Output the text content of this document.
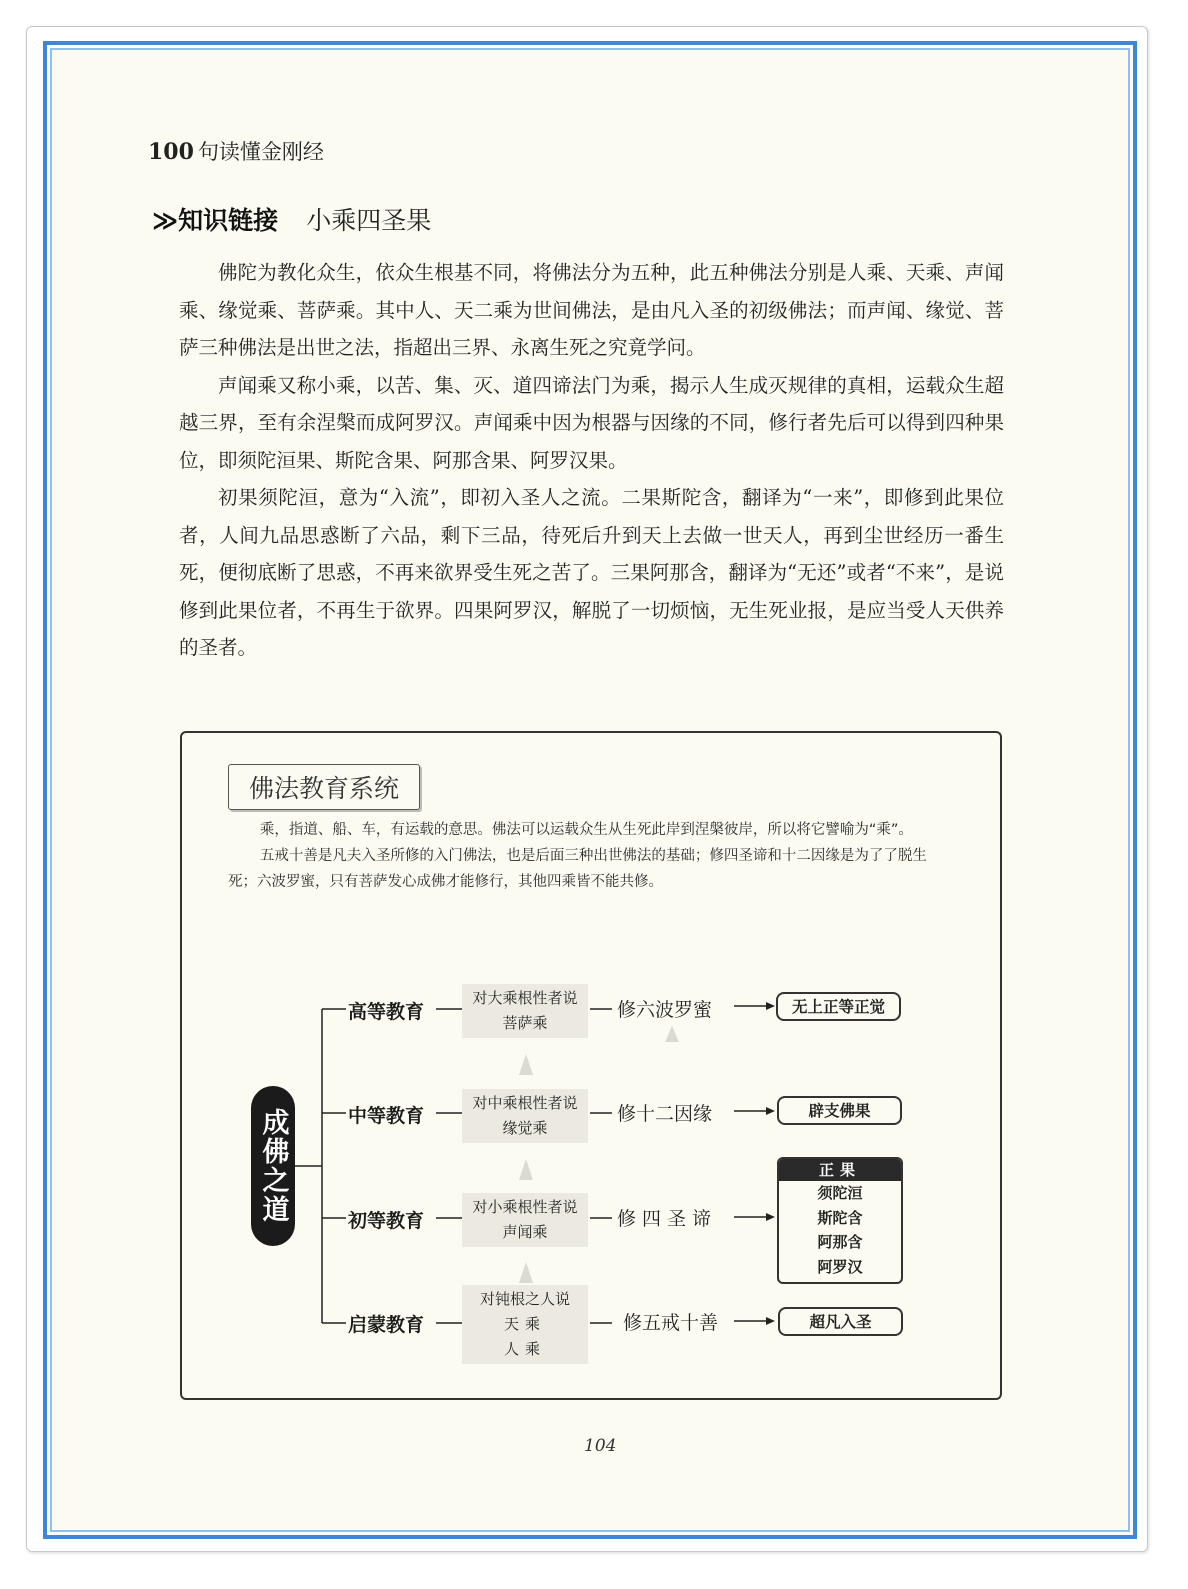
100 句读懂金刚经
≫知识链接 小乘四圣果

佛陀为教化众生，依众生根基不同，将佛法分为五种，此五种佛法分别是人乘、天乘、声闻乘、缘觉乘、菩萨乘。其中人、天二乘为世间佛法，是由凡入圣的初级佛法；而声闻、缘觉、菩萨三种佛法是出世之法，指超出三界、永离生死之究竟学问。

声闻乘又称小乘，以苦、集、灭、道四谛法门为乘，揭示人生成灭规律的真相，运载众生超越三界，至有余涅槃而成阿罗汉。声闻乘中因为根器与因缘的不同，修行者先后可以得到四种果位，即须陀洹果、斯陀含果、阿那含果、阿罗汉果。

初果须陀洹，意为“入流”，即初入圣人之流。二果斯陀含，翻译为“一来”，即修到此果位者，人间九品思惑断了六品，剩下三品，待死后升到天上去做一世天人，再到尘世经历一番生死，便彻底断了思惑，不再来欲界受生死之苦了。三果阿那含，翻译为“无还”或者“不来”，是说修到此果位者，不再生于欲界。四果阿罗汉，解脱了一切烦恼，无生死业报，是应当受人天供养的圣者。

佛法教育系统

乘，指道、船、车，有运载的意思。佛法可以运载众生从生死此岸到涅槃彼岸，所以将它譬喻为“乘”。

五戒十善是凡夫入圣所修的入门佛法，也是后面三种出世佛法的基础；修四圣谛和十二因缘是为了了脱生死；六波罗蜜，只有菩萨发心成佛才能修行，其他四乘皆不能共修。

成佛之道
高等教育
对大乘根性者说
菩萨乘
修六波罗蜜	无上正等正觉
中等教育
对中乘根性者说
缘觉乘
修十二因缘	辟支佛果
初等教育
对小乘根性者说
声闻乘
修四圣谛
正果
须陀洹
斯陀含
阿那含
阿罗汉
启蒙教育
对钝根之人说
天乘
人乘
修五戒十善	超凡入圣
104
